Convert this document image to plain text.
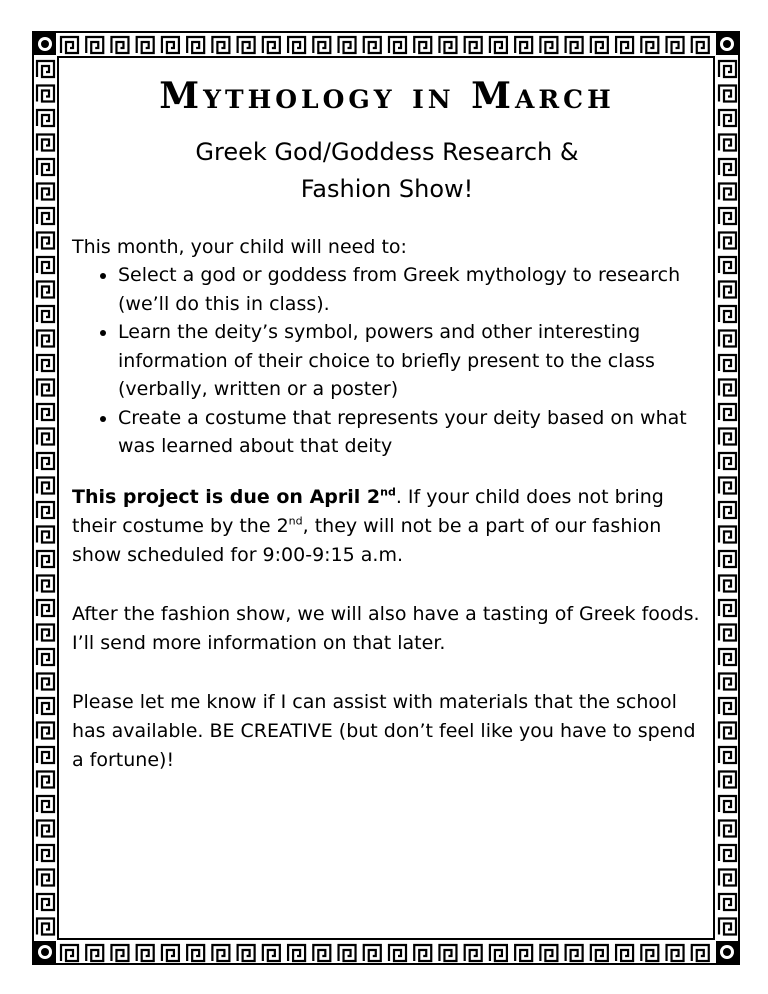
Mythology in March
Greek God/Goddess Research &
Fashion Show!

This month, your child will need to:

• Select a god or goddess from Greek mythology to research (we’ll do this in class).
• Learn the deity’s symbol, powers and other interesting information of their choice to briefly present to the class (verbally, written or a poster)
• Create a costume that represents your deity based on what was learned about that deity

This project is due on April 2nd. If your child does not bring their costume by the 2nd, they will not be a part of our fashion show scheduled for 9:00-9:15 a.m.

After the fashion show, we will also have a tasting of Greek foods. I’ll send more information on that later.

Please let me know if I can assist with materials that the school has available. BE CREATIVE (but don’t feel like you have to spend a fortune)!
